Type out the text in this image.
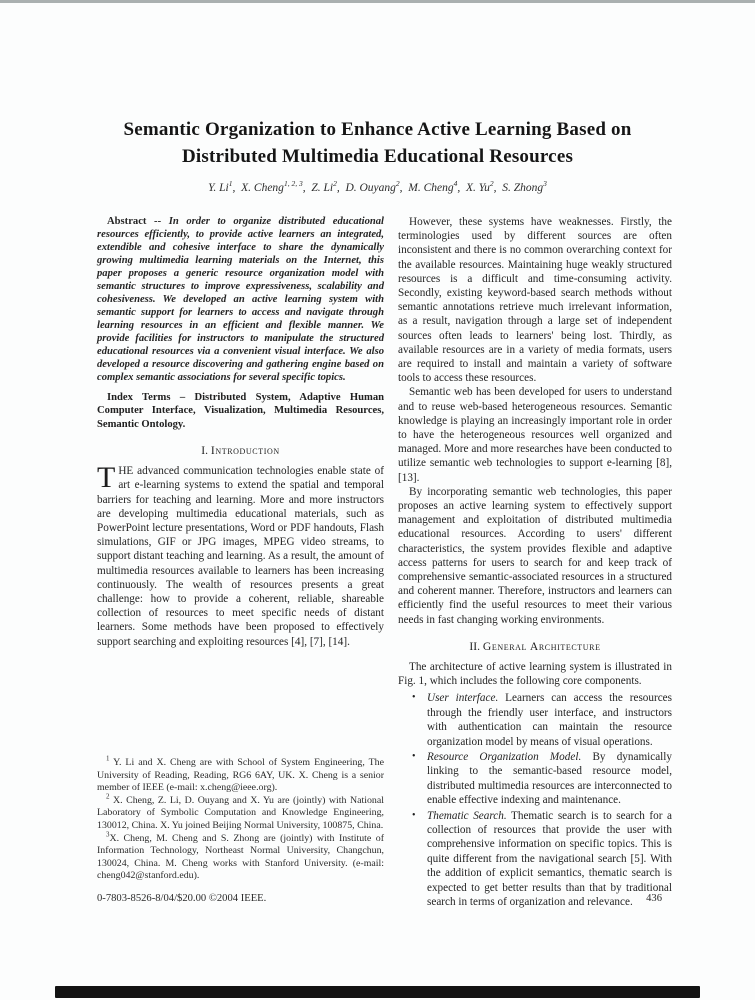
Semantic Organization to Enhance Active Learning Based on
Distributed Multimedia Educational Resources
Y. Li$^1$,  X. Cheng$^{1, 2, 3}$,  Z. Li$^2$,  D. Ouyang$^2$,  M. Cheng$^4$,  X. Yu$^2$,  S. Zhong$^3$

Abstract -- In order to organize distributed educational resources efficiently, to provide active learners an integrated, extendible and cohesive interface to share the dynamically growing multimedia learning materials on the Internet, this paper proposes a generic resource organization model with semantic structures to improve expressiveness, scalability and cohesiveness. We developed an active learning system with semantic support for learners to access and navigate through learning resources in an efficient and flexible manner. We provide facilities for instructors to manipulate the structured educational resources via a convenient visual interface. We also developed a resource discovering and gathering engine based on complex semantic associations for several specific topics.

Index Terms – Distributed System, Adaptive Human Computer Interface, Visualization, Multimedia Resources, Semantic Ontology.

I. Introduction

THE advanced communication technologies enable state of art e-learning systems to extend the spatial and temporal barriers for teaching and learning. More and more instructors are developing multimedia educational materials, such as PowerPoint lecture presentations, Word or PDF handouts, Flash simulations, GIF or JPG images, MPEG video streams, to support distant teaching and learning. As a result, the amount of multimedia resources available to learners has been increasing continuously. The wealth of resources presents a great challenge: how to provide a coherent, reliable, shareable collection of resources to meet specific needs of distant learners. Some methods have been proposed to effectively support searching and exploiting resources [4], [7], [14].

$^1$ Y. Li and X. Cheng are with School of System Engineering, The University of Reading, Reading, RG6 6AY, UK. X. Cheng is a senior member of IEEE (e-mail: x.cheng@ieee.org).

$^2$ X. Cheng, Z. Li, D. Ouyang and X. Yu are (jointly) with National Laboratory of Symbolic Computation and Knowledge Engineering, 130012, China. X. Yu joined Beijing Normal University, 100875, China.

$^3$X. Cheng, M. Cheng and S. Zhong are (jointly) with Institute of Information Technology, Northeast Normal University, Changchun, 130024, China. M. Cheng works with Stanford University. (e-mail: cheng042@stanford.edu).

However, these systems have weaknesses. Firstly, the terminologies used by different sources are often inconsistent and there is no common overarching context for the available resources. Maintaining huge weakly structured resources is a difficult and time-consuming activity. Secondly, existing keyword-based search methods without semantic annotations retrieve much irrelevant information, as a result, navigation through a large set of independent sources often leads to learners' being lost. Thirdly, as available resources are in a variety of media formats, users are required to install and maintain a variety of software tools to access these resources.

Semantic web has been developed for users to understand and to reuse web-based heterogeneous resources. Semantic knowledge is playing an increasingly important role in order to have the heterogeneous resources well organized and managed. More and more researches have been conducted to utilize semantic web technologies to support e-learning [8], [13].

By incorporating semantic web technologies, this paper proposes an active learning system to effectively support management and exploitation of distributed multimedia educational resources. According to users' different characteristics, the system provides flexible and adaptive access patterns for users to search for and keep track of comprehensive semantic-associated resources in a structured and coherent manner. Therefore, instructors and learners can efficiently find the useful resources to meet their various needs in fast changing working environments.

II. General Architecture

The architecture of active learning system is illustrated in Fig. 1, which includes the following core components.

•	User interface. Learners can access the resources through the friendly user interface, and instructors with authentication can maintain the resource organization model by means of visual operations.
•	Resource Organization Model. By dynamically linking to the semantic-based resource model, distributed multimedia resources are interconnected to enable effective indexing and maintenance.
•	Thematic Search. Thematic search is to search for a collection of resources that provide the user with comprehensive information on specific topics. This is quite different from the navigational search [5]. With the addition of explicit semantics, thematic search is expected to get better results than that by traditional search in terms of organization and relevance.
0-7803-8526-8/04/$20.00 ©2004 IEEE.	436
